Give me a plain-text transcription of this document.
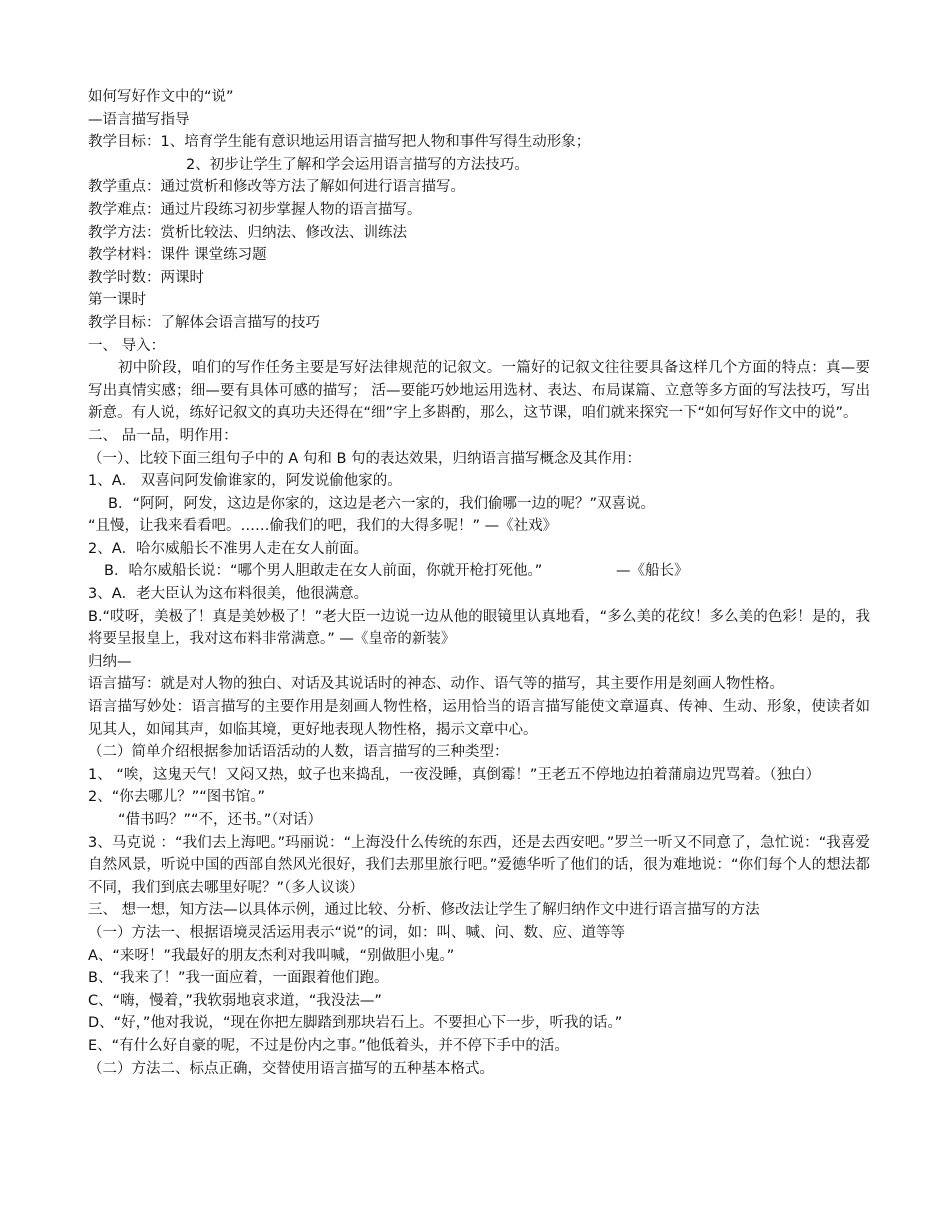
如何写好作文中的“说”
—语言描写指导
教学目标：1、培育学生能有意识地运用语言描写把人物和事件写得生动形象；
2、初步让学生了解和学会运用语言描写的方法技巧。
教学重点：通过赏析和修改等方法了解如何进行语言描写。
教学难点：通过片段练习初步掌握人物的语言描写。
教学方法：赏析比较法、归纳法、修改法、训练法
教学材料：课件 课堂练习题
教学时数：两课时
第一课时
教学目标：了解体会语言描写的技巧
一、 导入：
初中阶段，咱们的写作任务主要是写好法律规范的记叙文。一篇好的记叙文往往要具备这样几个方面的特点：真—要写出真情实感；细—要有具体可感的描写； 活—要能巧妙地运用选材、表达、布局谋篇、立意等多方面的写法技巧，写出新意。有人说，练好记叙文的真功夫还得在“细”字上多斟酌，那么，这节课，咱们就来探究一下“如何写好作文中的说”。
二、 品一品，明作用：
（一）、比较下面三组句子中的 A 句和 B 句的表达效果，归纳语言描写概念及其作用：
1、A． 双喜问阿发偷谁家的，阿发说偷他家的。
B．“阿阿，阿发，这边是你家的，这边是老六一家的，我们偷哪一边的呢？”双喜说。
“且慢，让我来看看吧。……偷我们的吧，我们的大得多呢！” —《社戏》
2、A．哈尔威船长不准男人走在女人前面。
B．哈尔威船长说：“哪个男人胆敢走在女人前面，你就开枪打死他。”                —《船长》
3、A．老大臣认为这布料很美，他很满意。
B.“哎呀，美极了！真是美妙极了！”老大臣一边说一边从他的眼镜里认真地看，“多么美的花纹！多么美的色彩！是的，我将要呈报皇上，我对这布料非常满意。” —《皇帝的新装》
归纳—
语言描写：就是对人物的独白、对话及其说话时的神态、动作、语气等的描写，其主要作用是刻画人物性格。
语言描写妙处：语言描写的主要作用是刻画人物性格，运用恰当的语言描写能使文章逼真、传神、生动、形象，使读者如见其人，如闻其声，如临其境，更好地表现人物性格，揭示文章中心。
（二）简单介绍根据参加话语活动的人数，语言描写的三种类型：
1、 “唉，这鬼天气！又闷又热，蚊子也来捣乱，一夜没睡，真倒霉！”王老五不停地边拍着蒲扇边咒骂着。（独白）
2、“你去哪儿？”“图书馆。”
“借书吗？”“不，还书。”（对话）
3、马克说 ：“我们去上海吧。”玛丽说：“上海没什么传统的东西，还是去西安吧。”罗兰一听又不同意了，急忙说：“我喜爱自然风景，听说中国的西部自然风光很好，我们去那里旅行吧。”爱德华听了他们的话，很为难地说：“你们每个人的想法都不同，我们到底去哪里好呢？”（多人议谈）
三、 想一想，知方法—以具体示例，通过比较、分析、修改法让学生了解归纳作文中进行语言描写的方法
（一）方法一、根据语境灵活运用表示“说”的词，如：叫、喊、问、数、应、道等等
A、“来呀！”我最好的朋友杰利对我叫喊，“别做胆小鬼。”
B、“我来了！”我一面应着，一面跟着他们跑。
C、“嗨，慢着，”我软弱地哀求道，“我没法—”
D、“好，”他对我说，“现在你把左脚踏到那块岩石上。不要担心下一步，听我的话。”
E、“有什么好自豪的呢，不过是份内之事。”他低着头，并不停下手中的活。
（二）方法二、标点正确，交替使用语言描写的五种基本格式。
